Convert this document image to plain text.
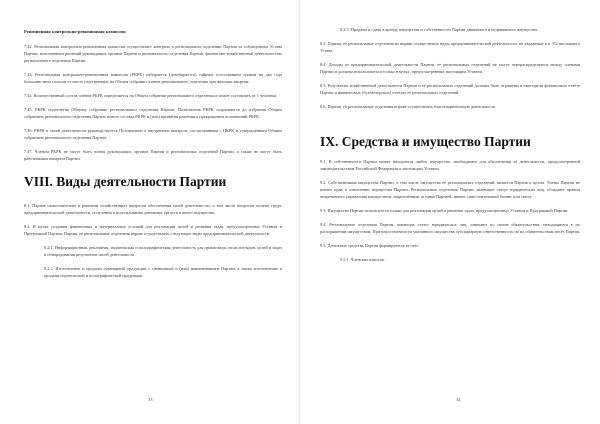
Ревизионная контрольно-ревизионная комиссия

7.42. Региональная контрольно-ревизионная комиссия осуществляет контроль в региональном отделении Партии за соблюдением Устава Партии, исполнением решений руководящих органов Партии и регионального отделения Партии, финансово-хозяйственной деятельностью регионального отделения Партии.

7.43. Региональная контрольно-ревизионная комиссия (РКРК) избирается (доизбирается) тайным голосованием сроком на два года большинством голосов от числа участвующих на Общем собрании членов регионального отделения при наличии кворума.

7.44. Количественный состав членов РКРК определяется на Общем собрании регионального отделения и может составлять от 1 человека.

7.45. РКРК подотчётна Общему собранию регионального отделения Партии. Полномочия РКРК сохраняются до избрания Общим собранием регионального отделения Партии нового состава РКРК и (или) принятия решения о прекращении полномочий РКРК.

7.46. РКРК в своей деятельности руководствуется Положением о внутреннем контроле, согласованным с ЦКРК и утверждённым Общим собранием регионального отделения Партии.

7.47. Членом РКРК не могут быть члены руководящих органов Партии и региональных отделений Партии, а также не могут быть работниками аппарата Партии.

VIII. Виды деятельности Партии

8.1. Партия самостоятельна в решении хозяйственных вопросов обеспечения своей деятельности, в том числе вопросов оплаты труда, предпринимательской деятельности, получения и использования денежных средств и иного имущества.

8.2. В целях создания финансовых и материальных условий для реализации целей и решения задач, предусмотренных Уставом и Программой Партии, Партия, её региональные отделения вправе осуществлять следующие виды предпринимательской деятельности:

8.2.1. Информационная, рекламная, издательская и полиграфическая деятельность для пропаганды своих взглядов, целей и задач и обнародования результатов своей деятельности.
8.2.2. Изготовление и продажа сувенирной продукции с символикой и (или) наименованием Партии, а также изготовление и продажа издательской и полиграфической продукции.
33
8.2.3. Продажа и сдача в аренду имущества и собственности Партии движимого и недвижимого имущества.

8.3. Партия, её региональные отделения не вправе осуществлять виды предпринимательской деятельности, не указанные в п. 8.2 настоящего Устава.

8.4. Доходы от предпринимательской деятельности Партии, её региональных отделений не могут перераспределяться между членами Партии и должны использоваться только в целях, предусмотренных настоящим Уставом.

8.5. Результаты хозяйственной деятельности Партии и её региональных отделений должны быть отражены в ежегодном финансовом отчёте Партии и финансовых (бухгалтерских) отчётах её региональных отделений.

8.6. Партия, её региональные отделения вправе осуществлять благотворительную деятельность.

IX. Средства и имущество Партии

9.1. В собственности Партии может находиться любое имущество, необходимое для обеспечения её деятельности, предусмотренной законодательством Российской Федерации и настоящим Уставом.

9.2. Собственником имущества Партии, в том числе имущества её региональных отделений, является Партия в целом. Члены Партии не имеют прав в отношении имущества Партии. Региональные отделения Партии, имеющие статус юридических лиц, обладают правом оперативного управления имуществом, закреплённым за ними Партией, имеют самостоятельный баланс или смету.

9.3. Имущество Партии используется только для реализации целей и решения задач, предусмотренных Уставом и Программой Партии.

9.4. Региональные отделения Партии, имеющие статус юридических лиц, отвечают по своим обязательствам, находящимся в их распоряжении имуществом. При недостаточности указанного имущества субсидиарную ответственность по их обязательствам несёт Партия.

9.5. Денежные средства Партии формируются за счёт:

9.5.1. Членских взносов.
34
